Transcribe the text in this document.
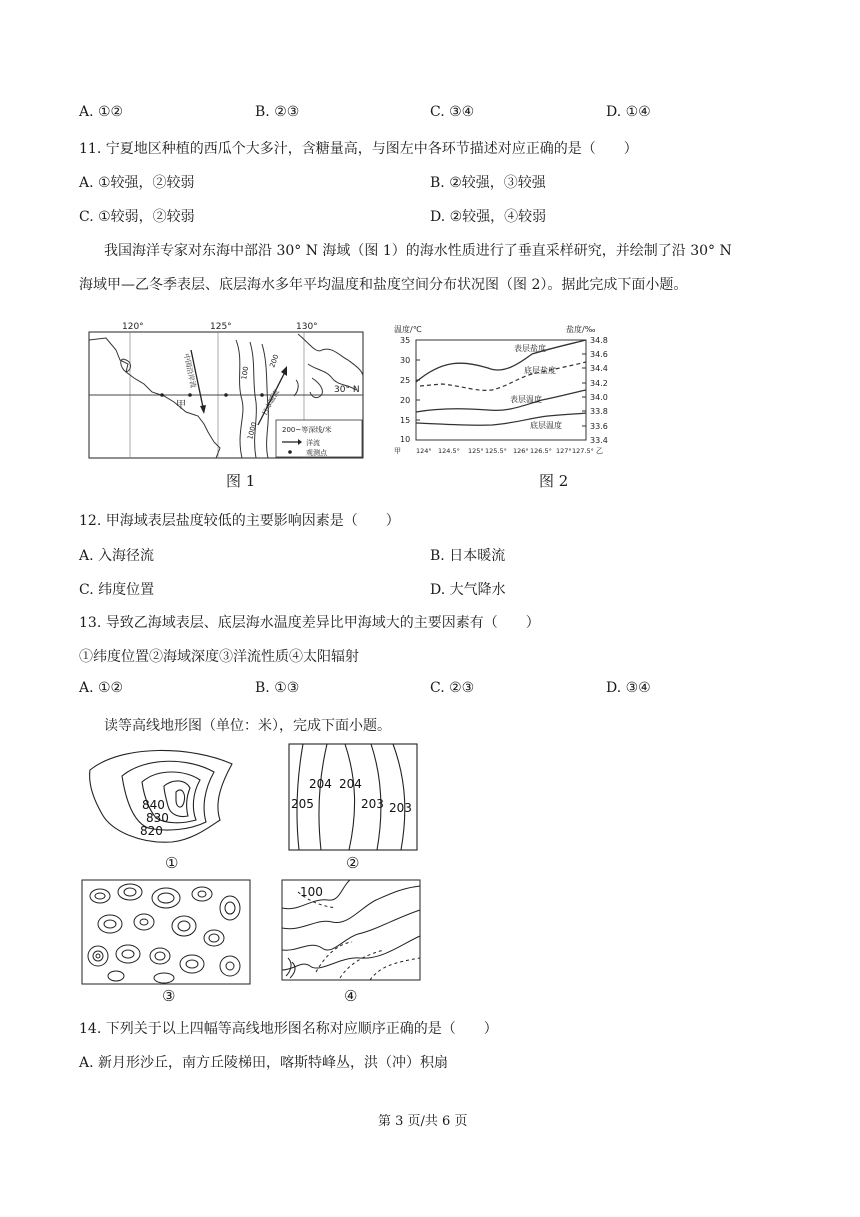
A. ①②	B. ②③	C. ③④	D. ①④
11. 宁夏地区种植的西瓜个大多汁，含糖量高，与图左中各环节描述对应正确的是（　　）
A. ①较强，②较弱	B. ②较强，③较强
C. ①较弱，②较弱	D. ②较强，④较弱
我国海洋专家对东海中部沿 30° N 海域（图 1）的海水性质进行了垂直采样研究，并绘制了沿 30° N
海域甲—乙冬季表层、底层海水多年平均温度和盐度空间分布状况图（图 2）。据此完成下面小题。
120°	125°	130°
30° N
甲
中国沿岸流
日本暖流
100
200
1000	200~等深线/米
洋流
观测点
图 1
温度/℃	盐度/‰
35
30
25
20
15
10
34.8
34.6
34.4
34.2
34.0
33.8
33.6
33.4
甲 124° 124.5° 125° 125.5° 126° 126.5° 127° 127.5° 乙
表层盐度
底层盐度
表层温度
底层温度
图 2
12. 甲海域表层盐度较低的主要影响因素是（　　）
A. 入海径流	B. 日本暖流
C. 纬度位置	D. 大气降水
13. 导致乙海域表层、底层海水温度差异比甲海域大的主要因素有（　　）
①纬度位置②海域深度③洋流性质④太阳辐射
A. ①②	B. ①③	C. ②③	D. ③④
读等高线地形图（单位：米），完成下面小题。
840
830
820
①
204 204
205	203 203
②
③
100
④
14. 下列关于以上四幅等高线地形图名称对应顺序正确的是（　　）
A. 新月形沙丘，南方丘陵梯田，喀斯特峰丛，洪（冲）积扇
第 3 页/共 6 页
